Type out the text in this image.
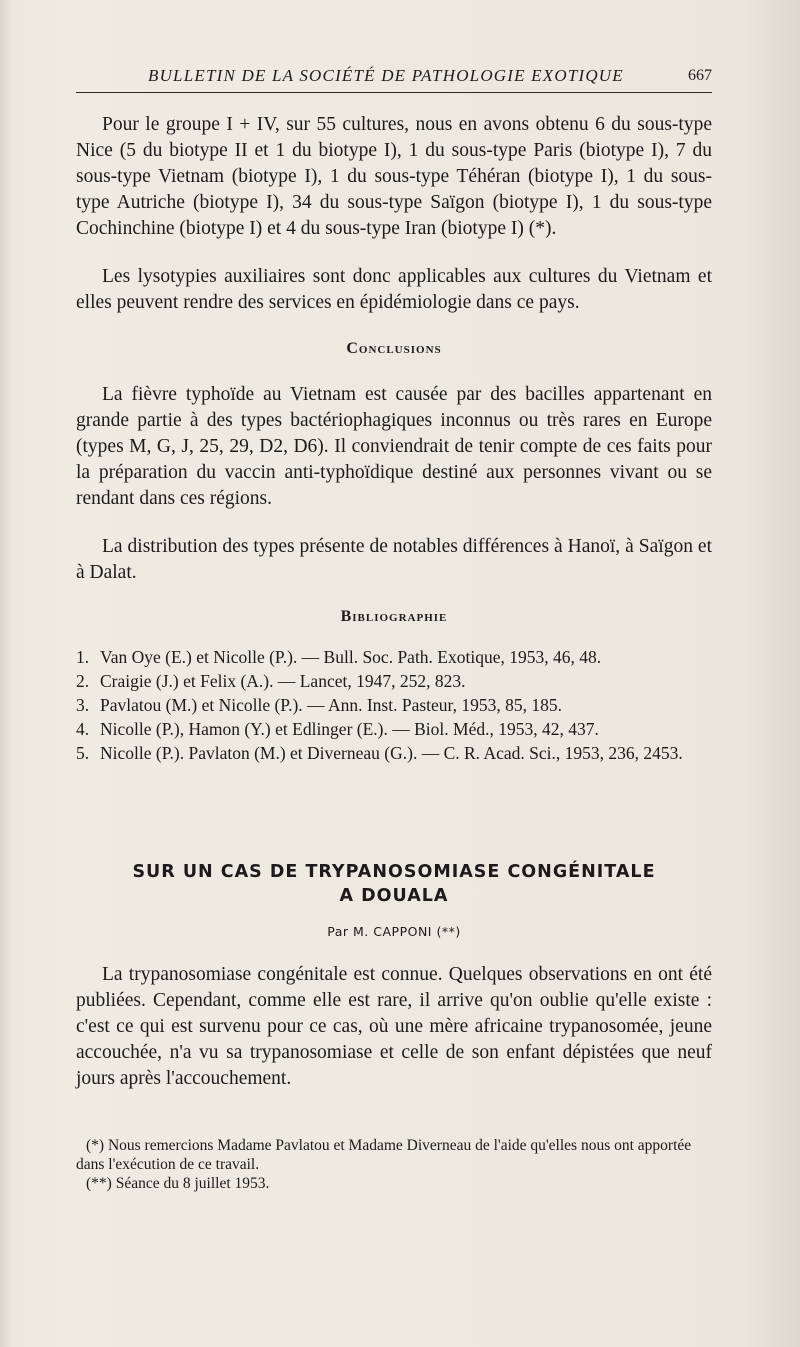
BULLETIN DE LA SOCIÉTÉ DE PATHOLOGIE EXOTIQUE	667

Pour le groupe I + IV, sur 55 cultures, nous en avons obtenu 6 du sous-type Nice (5 du biotype II et 1 du biotype I), 1 du sous-type Paris (biotype I), 7 du sous-type Vietnam (biotype I), 1 du sous-type Téhéran (biotype I), 1 du sous-type Autriche (biotype I), 34 du sous-type Saïgon (biotype I), 1 du sous-type Cochinchine (biotype I) et 4 du sous-type Iran (biotype I) (*).

Les lysotypies auxiliaires sont donc applicables aux cultures du Vietnam et elles peuvent rendre des services en épidémiologie dans ce pays.

Conclusions

La fièvre typhoïde au Vietnam est causée par des bacilles appartenant en grande partie à des types bactériophagiques inconnus ou très rares en Europe (types M, G, J, 25, 29, D2, D6). Il conviendrait de tenir compte de ces faits pour la préparation du vaccin anti-typhoïdique destiné aux personnes vivant ou se rendant dans ces régions.

La distribution des types présente de notables différences à Hanoï, à Saïgon et à Dalat.

Bibliographie
1. Van Oye (E.) et Nicolle (P.). — Bull. Soc. Path. Exotique, 1953, 46, 48.
2. Craigie (J.) et Felix (A.). — Lancet, 1947, 252, 823.
3. Pavlatou (M.) et Nicolle (P.). — Ann. Inst. Pasteur, 1953, 85, 185.
4. Nicolle (P.), Hamon (Y.) et Edlinger (E.). — Biol. Méd., 1953, 42, 437.
5. Nicolle (P.). Pavlaton (M.) et Diverneau (G.). — C. R. Acad. Sci., 1953, 236, 2453.
SUR UN CAS DE TRYPANOSOMIASE CONGÉNITALE
A DOUALA
Par M. CAPPONI (**)

La trypanosomiase congénitale est connue. Quelques observations en ont été publiées. Cependant, comme elle est rare, il arrive qu'on oublie qu'elle existe : c'est ce qui est survenu pour ce cas, où une mère africaine trypanosomée, jeune accouchée, n'a vu sa trypanosomiase et celle de son enfant dépistées que neuf jours après l'accouchement.

(*) Nous remercions Madame Pavlatou et Madame Diverneau de l'aide qu'elles nous ont apportée dans l'exécution de ce travail.

(**) Séance du 8 juillet 1953.
